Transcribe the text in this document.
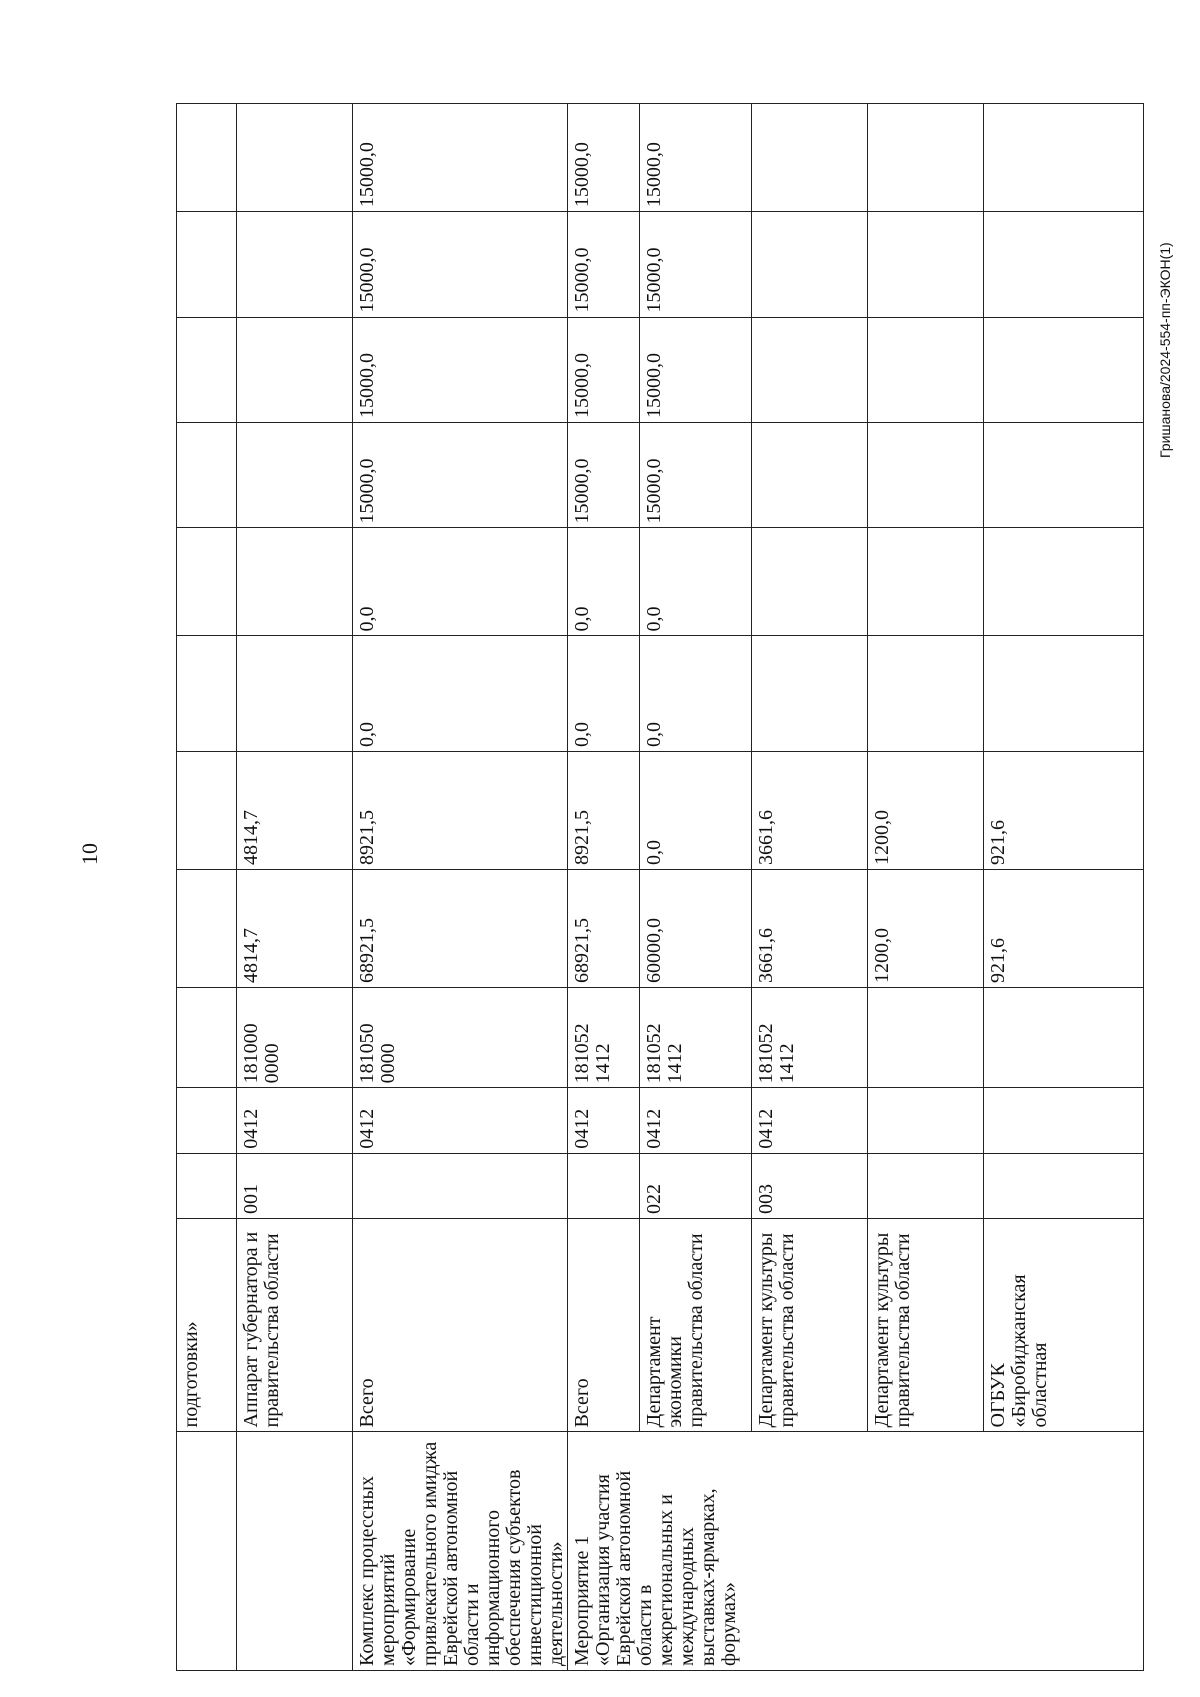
10
Гришанова/2024-554-пп-ЭКОН(1)
	подготовки»											
	Аппарат губернатора и правительства области	001	0412	181000 0000	4814,7	4814,7						
Комплекс процессных мероприятий «Формирование привлекательного имиджа Еврейской автономной области и информационного обеспечения субъектов инвестиционной деятельности»	Всего		0412	181050 0000	68921,5	8921,5	0,0	0,0	15000,0	15000,0	15000,0	15000,0
Мероприятие 1 «Организация участия Еврейской автономной области в межрегиональных и международных выставках-ярмарках, форумах»	Всего		0412	181052 1412	68921,5	8921,5	0,0	0,0	15000,0	15000,0	15000,0	15000,0
	Департамент экономики правительства области	022	0412	181052 1412	60000,0	0,0	0,0	0,0	15000,0	15000,0	15000,0	15000,0
	Департамент культуры правительства области	003	0412	181052 1412	3661,6	3661,6						
	Департамент культуры правительства области				1200,0	1200,0						
	ОГБУК «Биробиджанская областная				921,6	921,6						
